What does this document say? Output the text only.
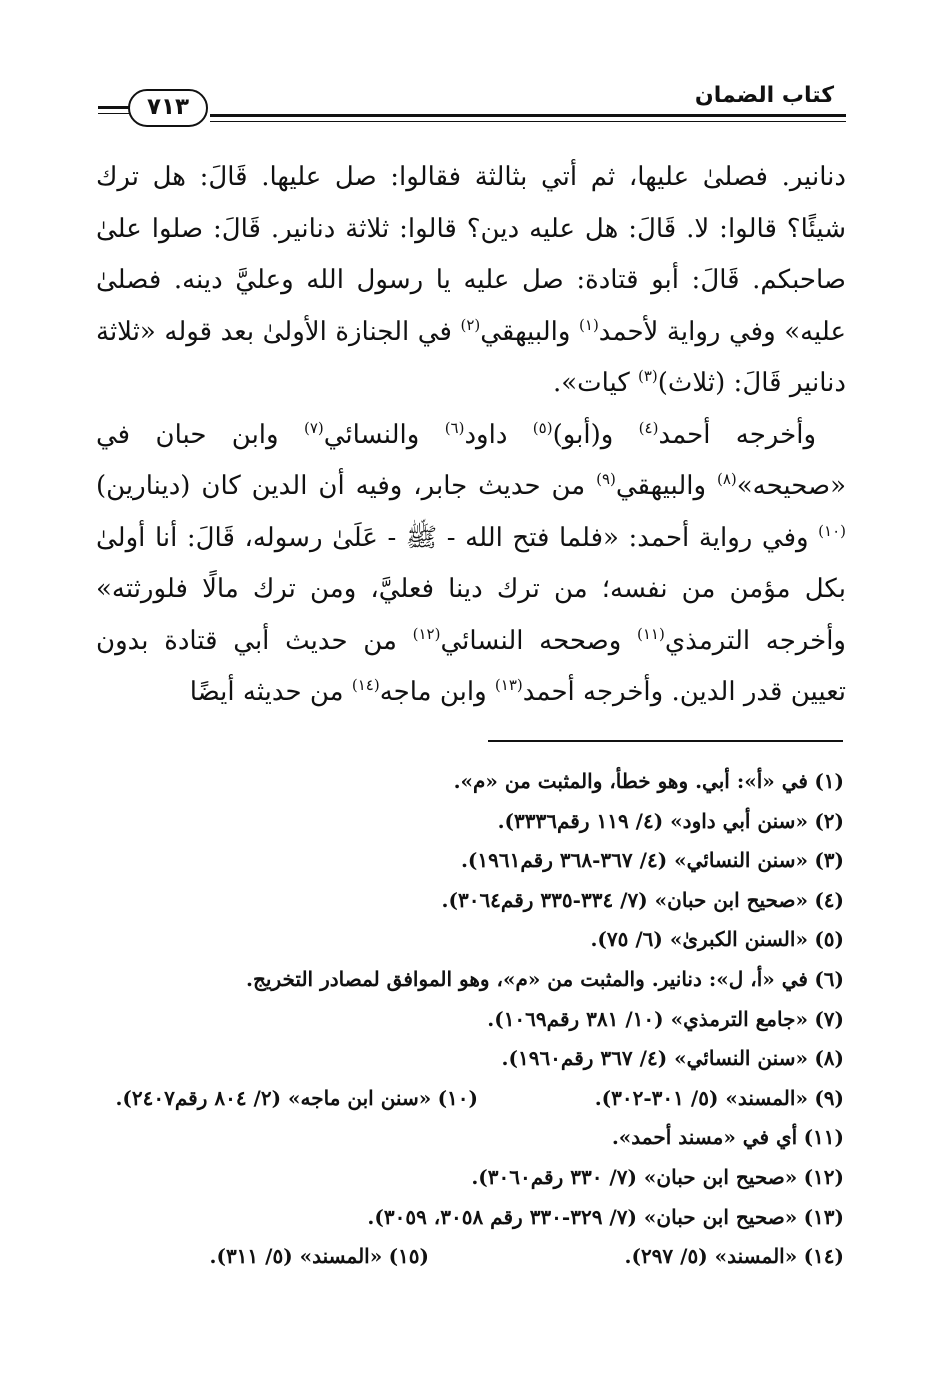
كتاب الضمان
٧١٣

دنانير. فصلىٰ عليها، ثم أتي بثالثة فقالوا: صل عليها. قَالَ: هل ترك شيئًا؟ قالوا: لا. قَالَ: هل عليه دين؟ قالوا: ثلاثة دنانير. قَالَ: صلوا علىٰ صاحبكم. قَالَ: أبو قتادة: صل عليه يا رسول الله وعليَّ دينه. فصلىٰ عليه» وفي رواية لأحمد$^{(١)}$ والبيهقي$^{(٢)}$ في الجنازة الأولىٰ بعد قوله «ثلاثة دنانير قَالَ: (ثلاث)$^{(٣)}$ كيات».

وأخرجه أحمد$^{(٤)}$ و(أبو)$^{(٥)}$ داود$^{(٦)}$ والنسائي$^{(٧)}$ وابن حبان في «صحيحه»$^{(٨)}$ والبيهقي$^{(٩)}$ من حديث جابر، وفيه أن الدين كان (دينارين)$^{(١٠)}$ وفي رواية أحمد: «فلما فتح الله - ﷺ - عَلَىٰ رسوله، قَالَ: أنا أولىٰ بكل مؤمن من نفسه؛ من ترك دينا فعليَّ، ومن ترك مالًا فلورثته» وأخرجه الترمذي$^{(١١)}$ وصححه النسائي$^{(١٢)}$ من حديث أبي قتادة بدون تعيين قدر الدين. وأخرجه أحمد$^{(١٣)}$ وابن ماجه$^{(١٤)}$ من حديثه أيضًا

(١) في «أ»: أبي. وهو خطأ، والمثبت من «م».
(٢) «سنن أبي داود» (٤/ ١١٩ رقم٣٣٣٦).
(٣) «سنن النسائي» (٤/ ٣٦٧-٣٦٨ رقم١٩٦١).
(٤) «صحيح ابن حبان» (٧/ ٣٣٤-٣٣٥ رقم٣٠٦٤).
(٥) «السنن الكبرىٰ» (٦/ ٧٥).
(٦) في «أ، ل»: دنانير. والمثبت من «م»، وهو الموافق لمصادر التخريج.
(٧) «جامع الترمذي» (١٠/ ٣٨١ رقم١٠٦٩).
(٨) «سنن النسائي» (٤/ ٣٦٧ رقم١٩٦٠).
(٩) «المسند» (٥/ ٣٠١-٣٠٢).
(١٠) «سنن ابن ماجه» (٢/ ٨٠٤ رقم٢٤٠٧).
(١١) أي في «مسند أحمد».
(١٢) «صحيح ابن حبان» (٧/ ٣٣٠ رقم٣٠٦٠).
(١٣) «صحيح ابن حبان» (٧/ ٣٢٩-٣٣٠ رقم ٣٠٥٨، ٣٠٥٩).
(١٤) «المسند» (٥/ ٢٩٧).
(١٥) «المسند» (٥/ ٣١١).
